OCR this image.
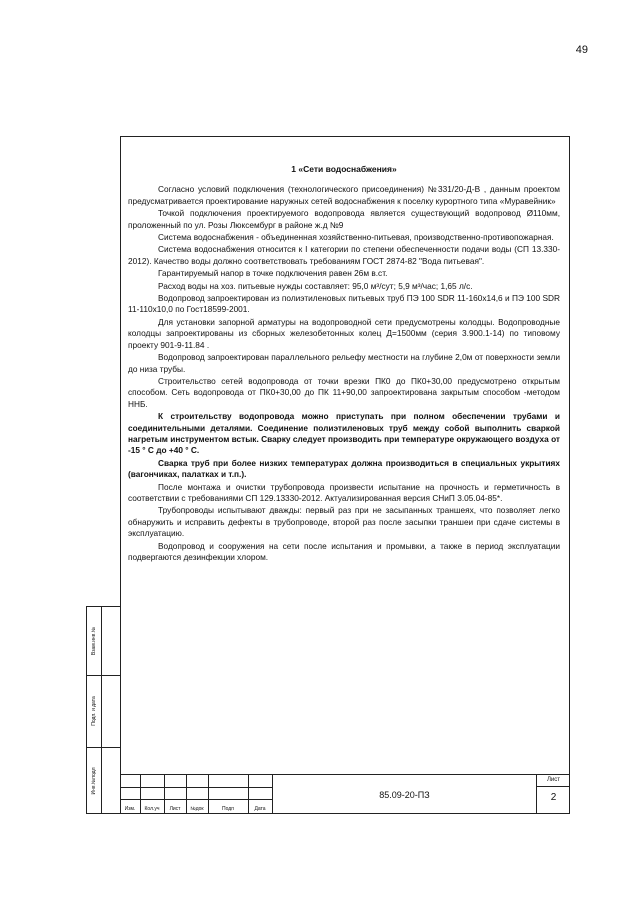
49
Взам.инв.№
Подп. и дата
Инв.№подл
1 «Сети водоснабжения»

Согласно условий подключения (технологического присоединения) №331/20-Д-В , данным проектом предусматривается проектирование наружных сетей водоснабжения к поселку курортного типа «Муравейник»

Точкой подключения проектируемого водопровода является существующий водопровод Ø110мм, проложенный по ул. Розы Люксембург в районе ж.д №9

Система водоснабжения - объединенная хозяйственно-питьевая, производственно-противопожарная.

Система водоснабжения относится к I категории по степени обеспеченности подачи воды (СП 13.330-2012). Качество воды должно соответствовать требованиям ГОСТ 2874-82 "Вода питьевая".

Гарантируемый напор в точке подключения равен 26м в.ст.

Расход воды на хоз. питьевые нужды составляет: 95,0 м³/сут; 5,9 м³/час; 1,65 л/с.

Водопровод запроектирован из полиэтиленовых питьевых труб ПЭ 100 SDR 11-160х14,6 и ПЭ 100 SDR 11-110х10,0 по Гост18599-2001.

Для установки запорной арматуры на водопроводной сети предусмотрены колодцы. Водопроводные колодцы запроектированы из сборных железобетонных колец Д=1500мм (серия 3.900.1-14) по типовому проекту 901-9-11.84 .

Водопровод запроектирован параллельного рельефу местности на глубине 2,0м от поверхности земли до низа трубы.

Строительство сетей водопровода от точки врезки ПК0 до ПК0+30,00 предусмотрено открытым способом. Сеть водопровода от ПК0+30,00 до ПК 11+90,00 запроектирована закрытым способом -методом ННБ.

К строительству водопровода можно приступать при полном обеспечении трубами и соединительными деталями. Соединение полиэтиленовых труб между собой выполнить сваркой нагретым инструментом встык. Сварку следует производить при температуре окружающего воздуха от -15 ° С до +40 ° С.

Сварка труб при более низких температурах должна производиться в специальных укрытиях (вагончиках, палатках и т.п.).

После монтажа и очистки трубопровода произвести испытание на прочность и герметичность в соответствии с требованиями СП 129.13330-2012. Актуализированная версия СНиП 3.05.04-85*.

Трубопроводы испытывают дважды: первый раз при не засыпанных траншеях, что позволяет легко обнаружить и исправить дефекты в трубопроводе, второй раз после засыпки траншеи при сдаче системы в эксплуатацию.

Водопровод и сооружения на сети после испытания и промывки, а также в период эксплуатации подвергаются дезинфекции хлором.

Изм.	Кол.уч	Лист	№док	Подп	Дата
85.09-20-ПЗ
Лист
2
